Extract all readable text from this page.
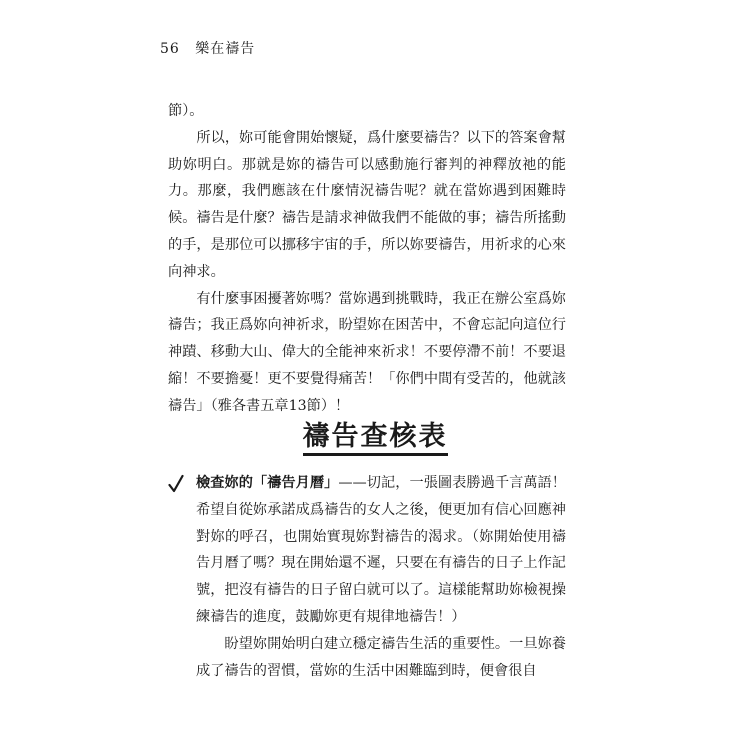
56 樂在禱告

節）。

所以，妳可能會開始懷疑，爲什麼要禱告？以下的答案會幫助妳明白。那就是妳的禱告可以感動施行審判的神釋放祂的能力。那麼，我們應該在什麼情況禱告呢？就在當妳遇到困難時候。禱告是什麼？禱告是請求神做我們不能做的事；禱告所搖動的手，是那位可以挪移宇宙的手，所以妳要禱告，用祈求的心來向神求。

有什麼事困擾著妳嗎？當妳遇到挑戰時，我正在辦公室爲妳禱告；我正爲妳向神祈求，盼望妳在困苦中，不會忘記向這位行神蹟、移動大山、偉大的全能神來祈求！不要停滯不前！不要退縮！不要擔憂！更不要覺得痛苦！「你們中間有受苦的，他就該禱告」（雅各書五章13節）！

禱告查核表

檢查妳的「禱告月曆」——切記，一張圖表勝過千言萬語！希望自從妳承諾成爲禱告的女人之後，便更加有信心回應神對妳的呼召，也開始實現妳對禱告的渴求。（妳開始使用禱告月曆了嗎？現在開始還不遲，只要在有禱告的日子上作記號，把沒有禱告的日子留白就可以了。這樣能幫助妳檢視操練禱告的進度，鼓勵妳更有規律地禱告！）

盼望妳開始明白建立穩定禱告生活的重要性。一旦妳養成了禱告的習慣，當妳的生活中困難臨到時，便會很自
